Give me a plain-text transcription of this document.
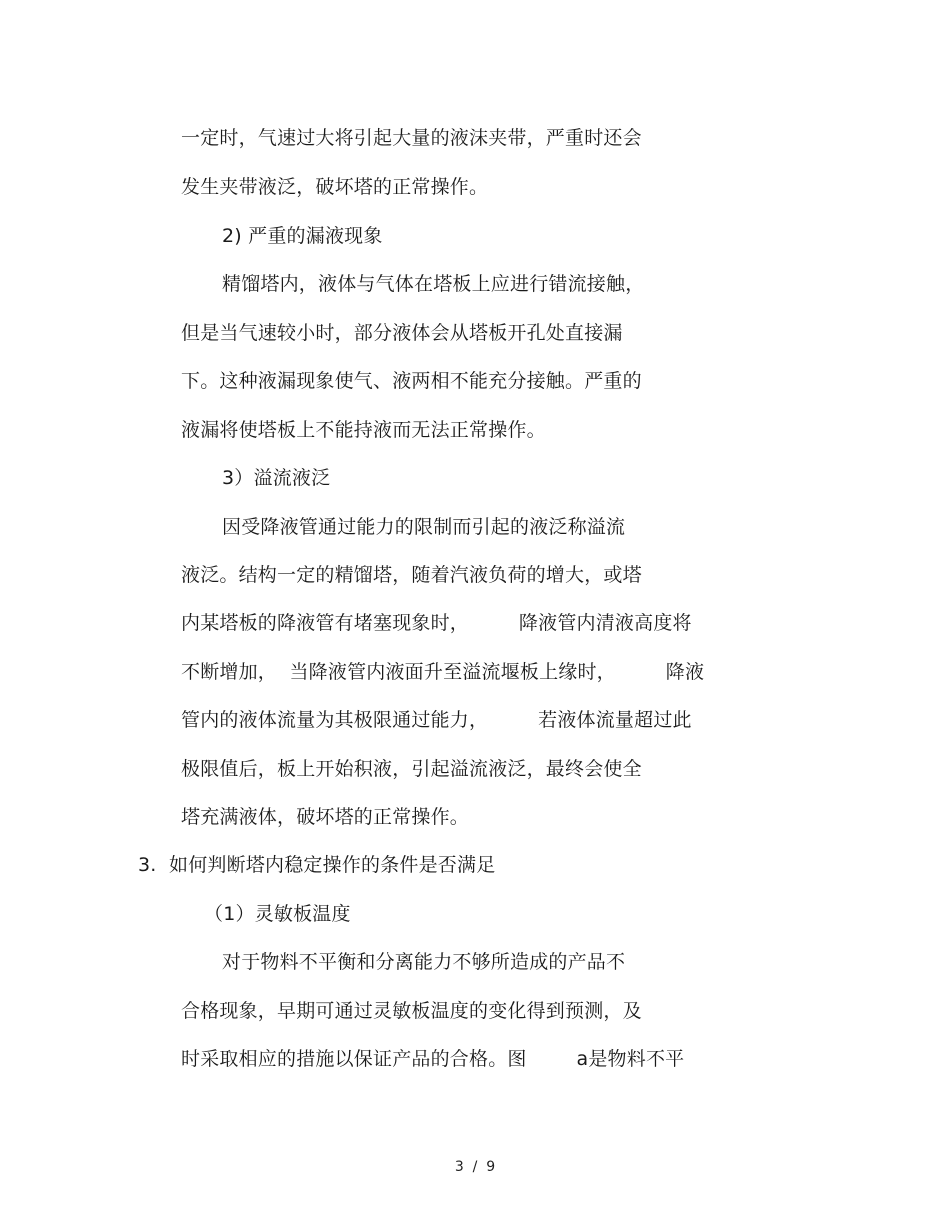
一定时，气速过大将引起大量的液沫夹带，严重时还会
发生夹带液泛，破坏塔的正常操作。
2) 严重的漏液现象
精馏塔内，液体与气体在塔板上应进行错流接触，
但是当气速较小时，部分液体会从塔板开孔处直接漏
下。这种液漏现象使气、液两相不能充分接触。严重的
液漏将使塔板上不能持液而无法正常操作。
3）溢流液泛
因受降液管通过能力的限制而引起的液泛称溢流
液泛。结构一定的精馏塔，随着汽液负荷的增大，或塔
内某塔板的降液管有堵塞现象时，        降液管内清液高度将
不断增加，  当降液管内液面升至溢流堰板上缘时，        降液
管内的液体流量为其极限通过能力，        若液体流量超过此
极限值后，板上开始积液，引起溢流液泛，最终会使全
塔充满液体，破坏塔的正常操作。
3.  如何判断塔内稳定操作的条件是否满足
（1）灵敏板温度
对于物料不平衡和分离能力不够所造成的产品不
合格现象，早期可通过灵敏板温度的变化得到预测，及
时采取相应的措施以保证产品的合格。图        a是物料不平
3  /  9
